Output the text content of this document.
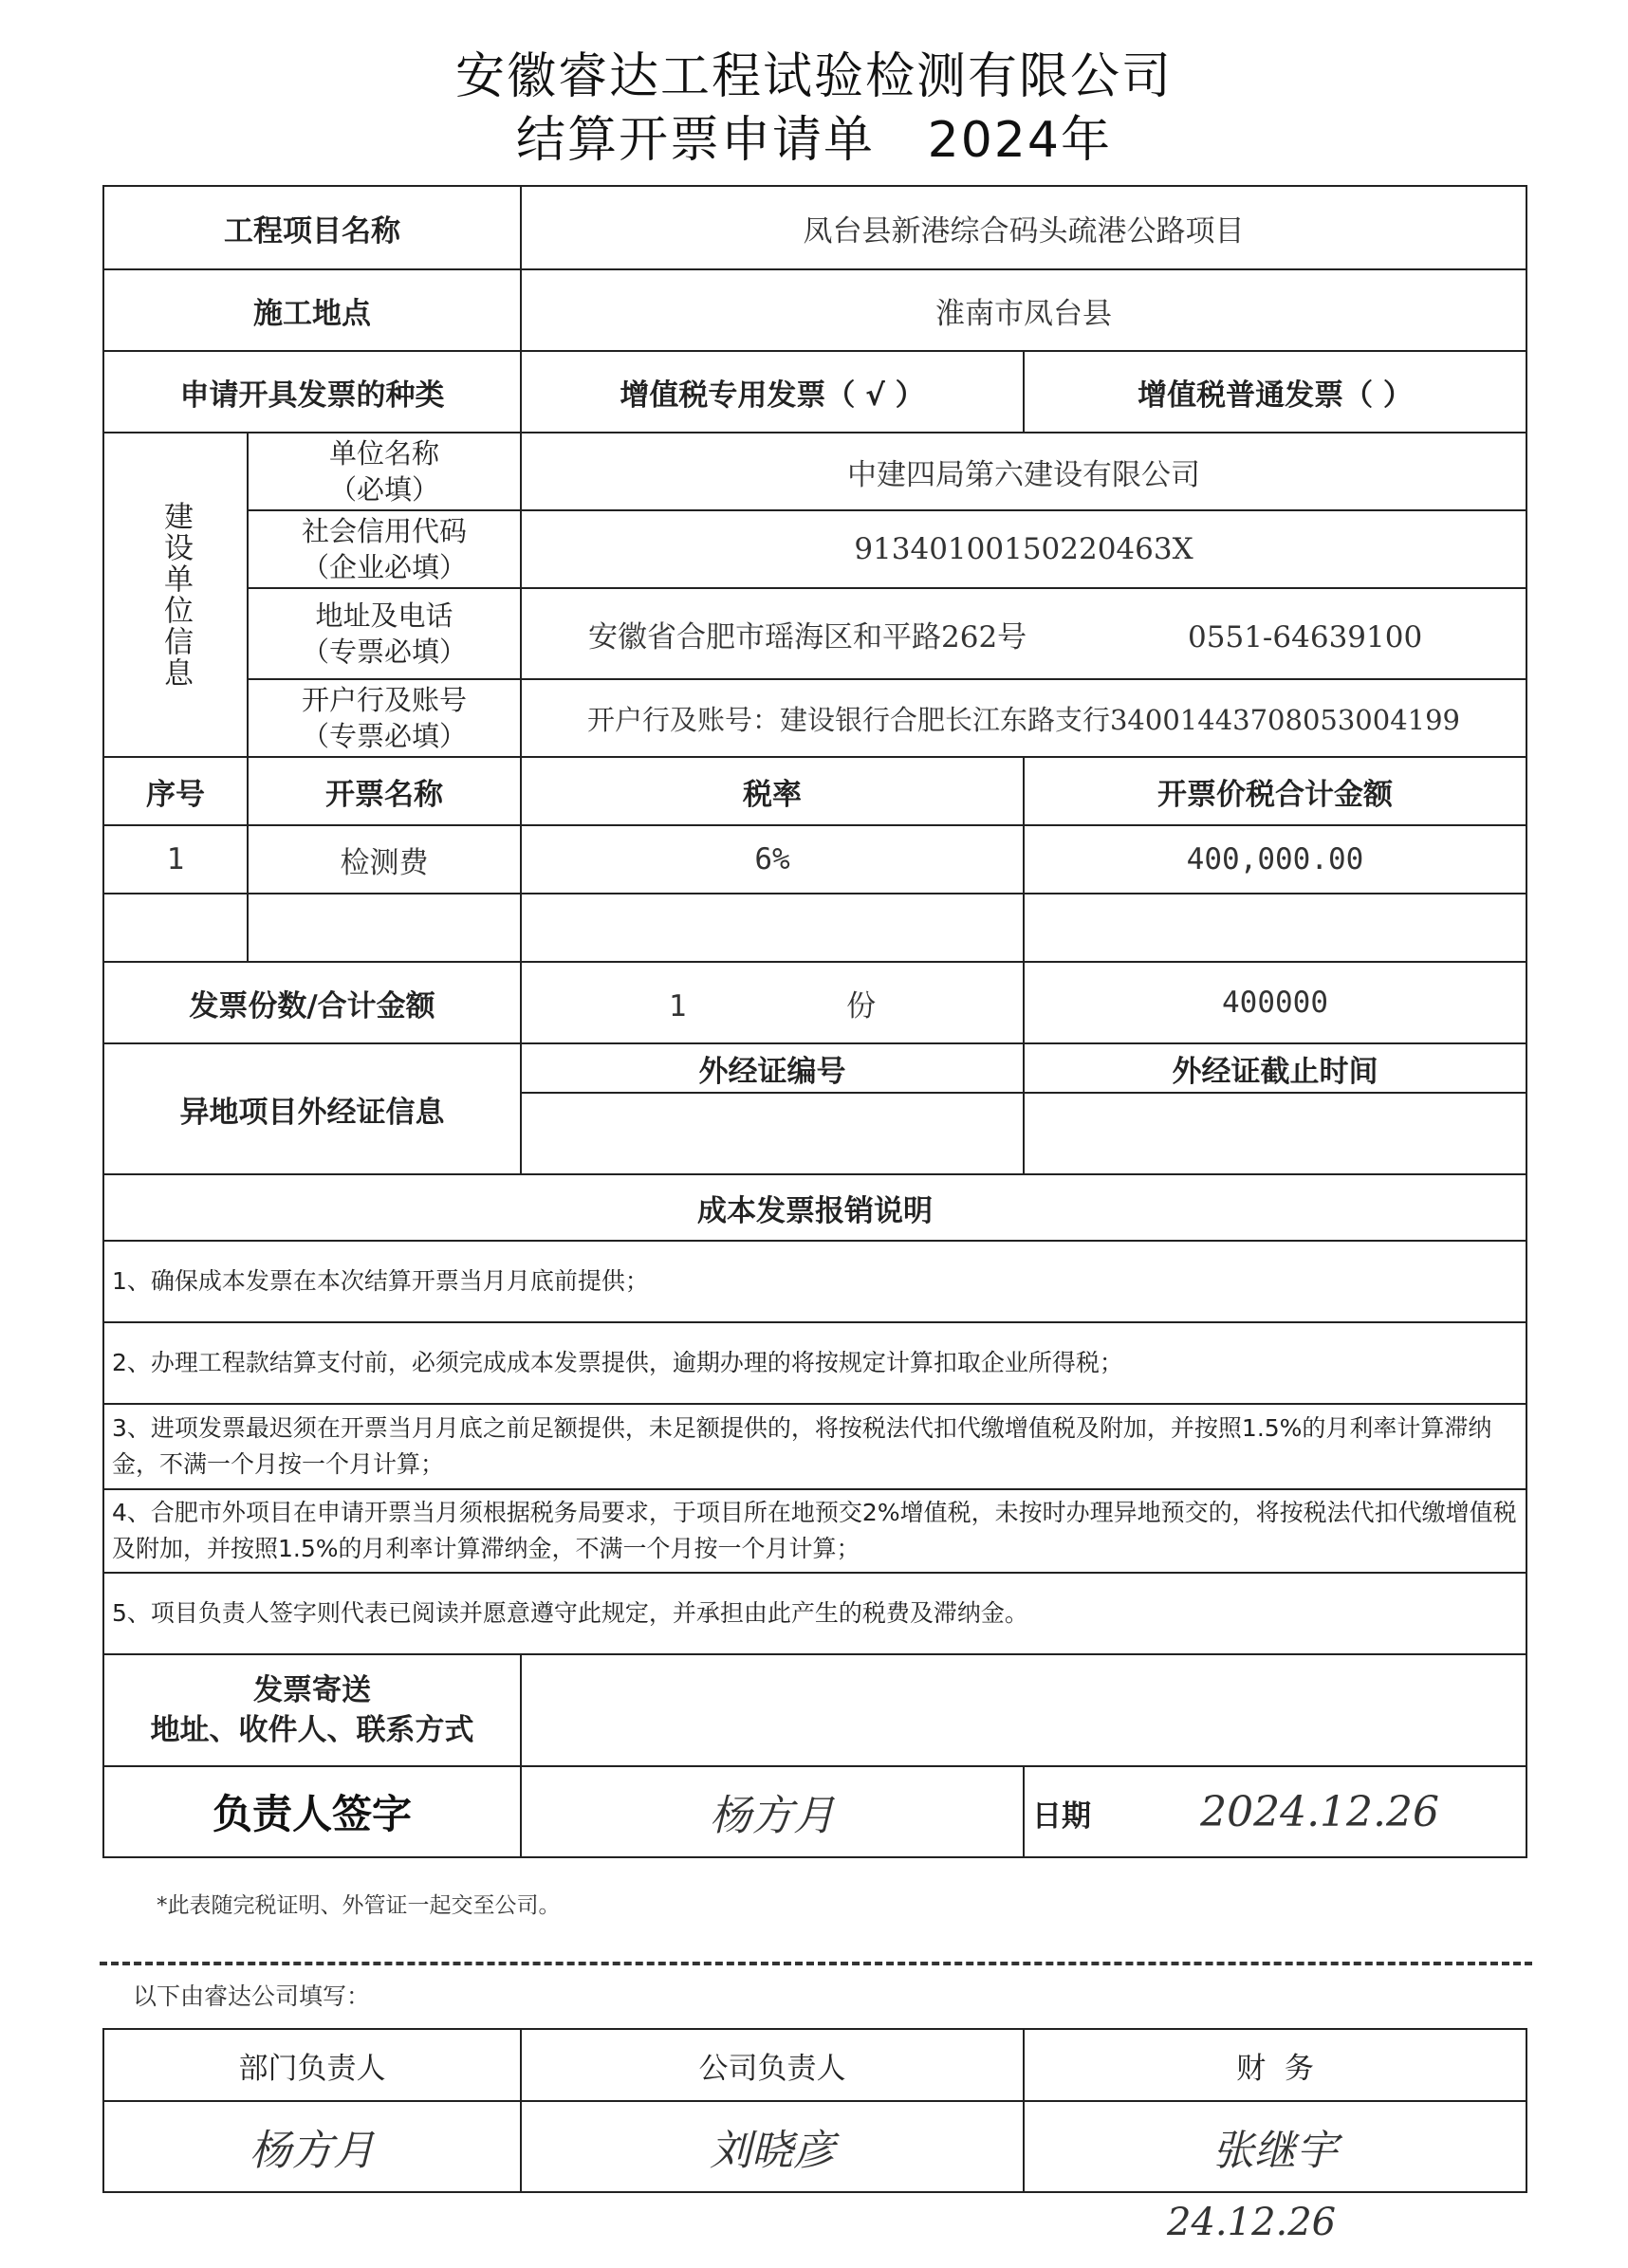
安徽睿达工程试验检测有限公司
结算开票申请单 2024年
工程项目名称		凤台县新港综合码头疏港公路项目	
施工地点		淮南市凤台县	
申请开具发票的种类		增值税专用发票（ √ ）	增值税普通发票（ ）

建设单位信息	单位名称
（必填）	中建四局第六建设有限公司	

	社会信用代码
（企业必填）	91340100150220463X	

	地址及电话
（专票必填）	安徽省合肥市瑶海区和平路262号 0551-64639100	

	开户行及账号
（专票必填）	开户行及账号：建设银行合肥长江东路支行34001443708053004199	
序号	开票名称	税率	开票价税合计金额
1	检测费	6%	400,000.00

发票份数/合计金额		1 份	400000
异地项目外经证信息		外经证编号	外经证截止时间

成本发票报销说明			
1、确保成本发票在本次结算开票当月月底前提供；			
2、办理工程款结算支付前，必须完成成本发票提供，逾期办理的将按规定计算扣取企业所得税；			
3、进项发票最迟须在开票当月月底之前足额提供，未足额提供的，将按税法代扣代缴增值税及附加，并按照1.5%的月利率计算滞纳金，不满一个月按一个月计算；			
4、合肥市外项目在申请开票当月须根据税务局要求，于项目所在地预交2%增值税，未按时办理异地预交的，将按税法代扣代缴增值税及附加，并按照1.5%的月利率计算滞纳金，不满一个月按一个月计算；			
5、项目负责人签字则代表已阅读并愿意遵守此规定，并承担由此产生的税费及滞纳金。			

发票寄送
地址、收件人、联系方式			

负责人签字		杨方月	日期 2024.12.26
*此表随完税证明、外管证一起交至公司。
以下由睿达公司填写：
部门负责人	公司负责人	财  务
杨方月	刘晓彦	张继宇
24.12.26
